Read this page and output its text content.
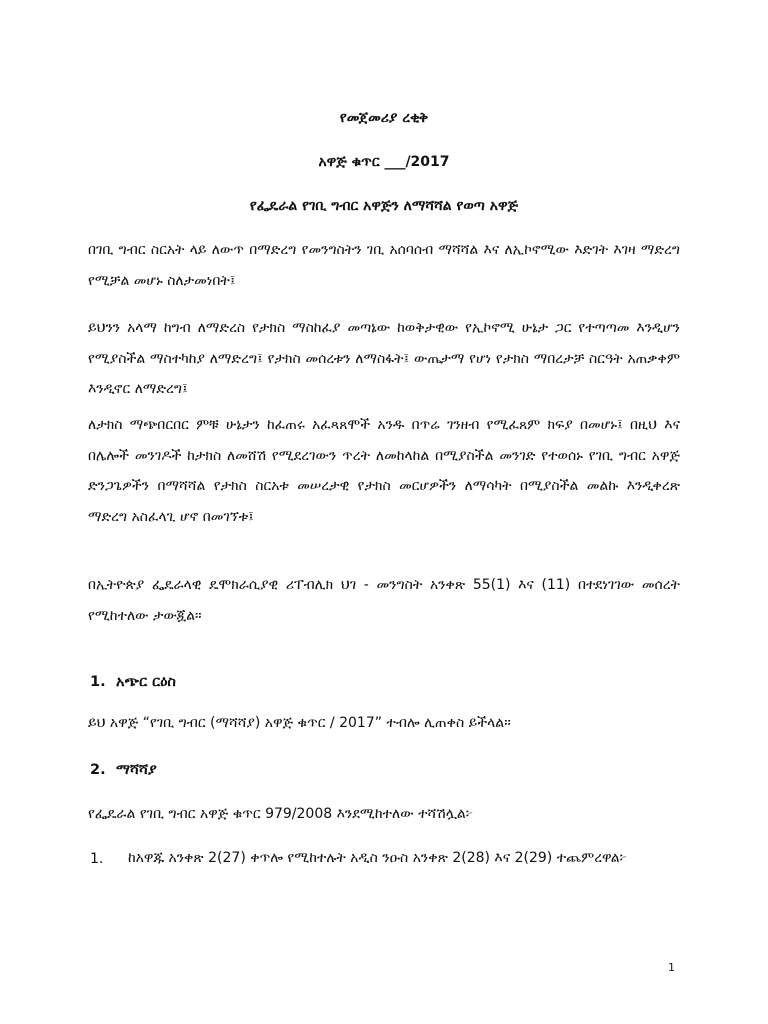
የመጀመሪያ ረቂቅ
አዋጅ ቁጥር ___/2017
የፌዴራል የገቢ ግብር አዋጅን ለማሻሻል የወጣ አዋጅ
በገቢ ግብር ስርአት ላይ ለውጥ በማድረግ የመንግስትን ገቢ አሰባሰብ ማሻሻል እና ለኢኮኖሚው እድገት እገዛ ማድረግ የሚቻል መሆኑ ስለታመነበት፤
ይህንን አላማ ከግብ ለማድረስ የታክስ ማስከፈያ መጣኔው ከወቅታዊው የኢኮኖሚ ሁኔታ ጋር የተጣጣመ እንዲሆን የሚያስችል ማስተካከያ ለማድረግ፤ የታክስ መሰረቱን ለማስፋት፤ ውጤታማ የሆነ የታክስ ማበረታቻ ስርዓት አጠቃቀም እንዲኖር ለማድረግ፤
ለታክስ ማጭበርበር ምቹ ሁኔታን ከፈጠሩ አፈጻጸሞች አንዱ በጥሬ ገንዘብ የሚፈጸም ክፍያ በመሆኑ፤ በዚህ እና በሌሎች መንገዶች ከታክስ ለመሸሽ የሚደረገውን ጥረት ለመከላከል በሚያስችል መንገድ የተወሰኑ የገቢ ግብር አዋጅ ድንጋጌዎችን በማሻሻል የታክስ ስርአቱ መሠረታዊ የታክስ መርሆዎችን ለማሳካት በሚያስችል መልኩ እንዲቀረጽ ማድረግ አስፈላጊ ሆኖ በመገኘቱ፤
በኢትዮጵያ ፌዴራላዊ ዴሞክራሲያዊ ሪፐብሊክ ህገ - መንግስት አንቀጽ 55(1) እና (11) በተደነገገው መሰረት የሚከተለው ታውጇል።
1. አጭር ርዕስ
ይህ አዋጅ “የገቢ ግብር (ማሻሻያ) አዋጅ ቁጥር / 2017” ተብሎ ሊጠቀስ ይችላል።
2. ማሻሻያ
የፌዴራል የገቢ ግብር አዋጅ ቁጥር 979/2008 እንደሚከተለው ተሻሽሏል፦
1. ከአዋጁ አንቀጽ 2(27) ቀጥሎ የሚከተሉት አዲስ ንዑስ አንቀጽ 2(28) እና 2(29) ተጨምረዋል፦
1
